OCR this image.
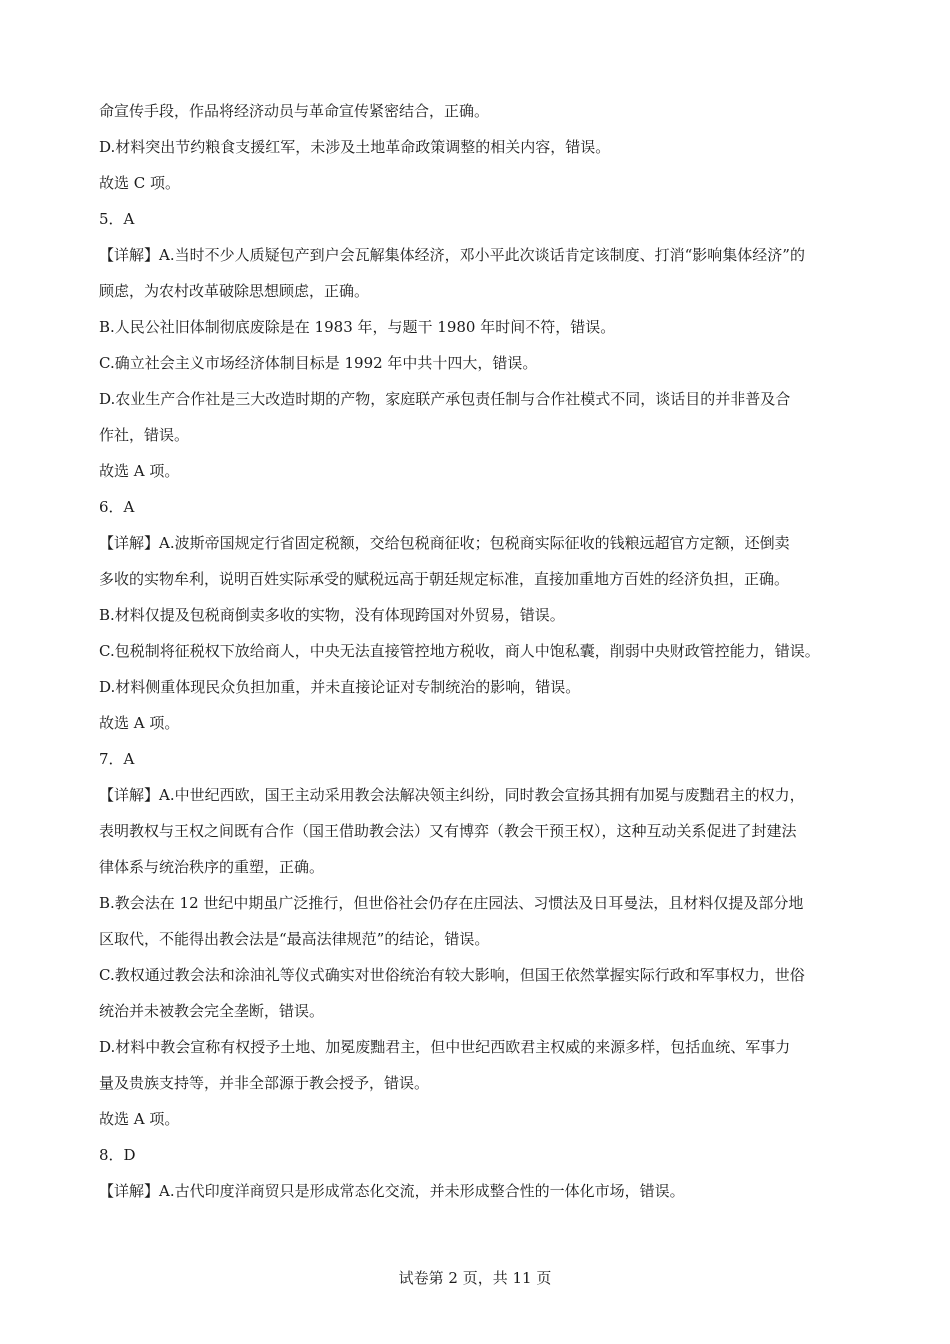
命宣传手段，作品将经济动员与革命宣传紧密结合，正确。
D.材料突出节约粮食支援红军，未涉及土地革命政策调整的相关内容，错误。
故选 C 项。
5．A
【详解】A.当时不少人质疑包产到户会瓦解集体经济，邓小平此次谈话肯定该制度、打消“影响集体经济”的
顾虑，为农村改革破除思想顾虑，正确。
B.人民公社旧体制彻底废除是在 1983 年，与题干 1980 年时间不符，错误。
C.确立社会主义市场经济体制目标是 1992 年中共十四大，错误。
D.农业生产合作社是三大改造时期的产物，家庭联产承包责任制与合作社模式不同，谈话目的并非普及合
作社，错误。
故选 A 项。
6．A
【详解】A.波斯帝国规定行省固定税额，交给包税商征收；包税商实际征收的钱粮远超官方定额，还倒卖
多收的实物牟利，说明百姓实际承受的赋税远高于朝廷规定标准，直接加重地方百姓的经济负担，正确。
B.材料仅提及包税商倒卖多收的实物，没有体现跨国对外贸易，错误。
C.包税制将征税权下放给商人，中央无法直接管控地方税收，商人中饱私囊，削弱中央财政管控能力，错误。
D.材料侧重体现民众负担加重，并未直接论证对专制统治的影响，错误。
故选 A 项。
7．A
【详解】A.中世纪西欧，国王主动采用教会法解决领主纠纷，同时教会宣扬其拥有加冕与废黜君主的权力，
表明教权与王权之间既有合作（国王借助教会法）又有博弈（教会干预王权），这种互动关系促进了封建法
律体系与统治秩序的重塑，正确。
B.教会法在 12 世纪中期虽广泛推行，但世俗社会仍存在庄园法、习惯法及日耳曼法，且材料仅提及部分地
区取代，不能得出教会法是“最高法律规范”的结论，错误。
C.教权通过教会法和涂油礼等仪式确实对世俗统治有较大影响，但国王依然掌握实际行政和军事权力，世俗
统治并未被教会完全垄断，错误。
D.材料中教会宣称有权授予土地、加冕废黜君主，但中世纪西欧君主权威的来源多样，包括血统、军事力
量及贵族支持等，并非全部源于教会授予，错误。
故选 A 项。
8．D
【详解】A.古代印度洋商贸只是形成常态化交流，并未形成整合性的一体化市场，错误。
试卷第 2 页，共 11 页
